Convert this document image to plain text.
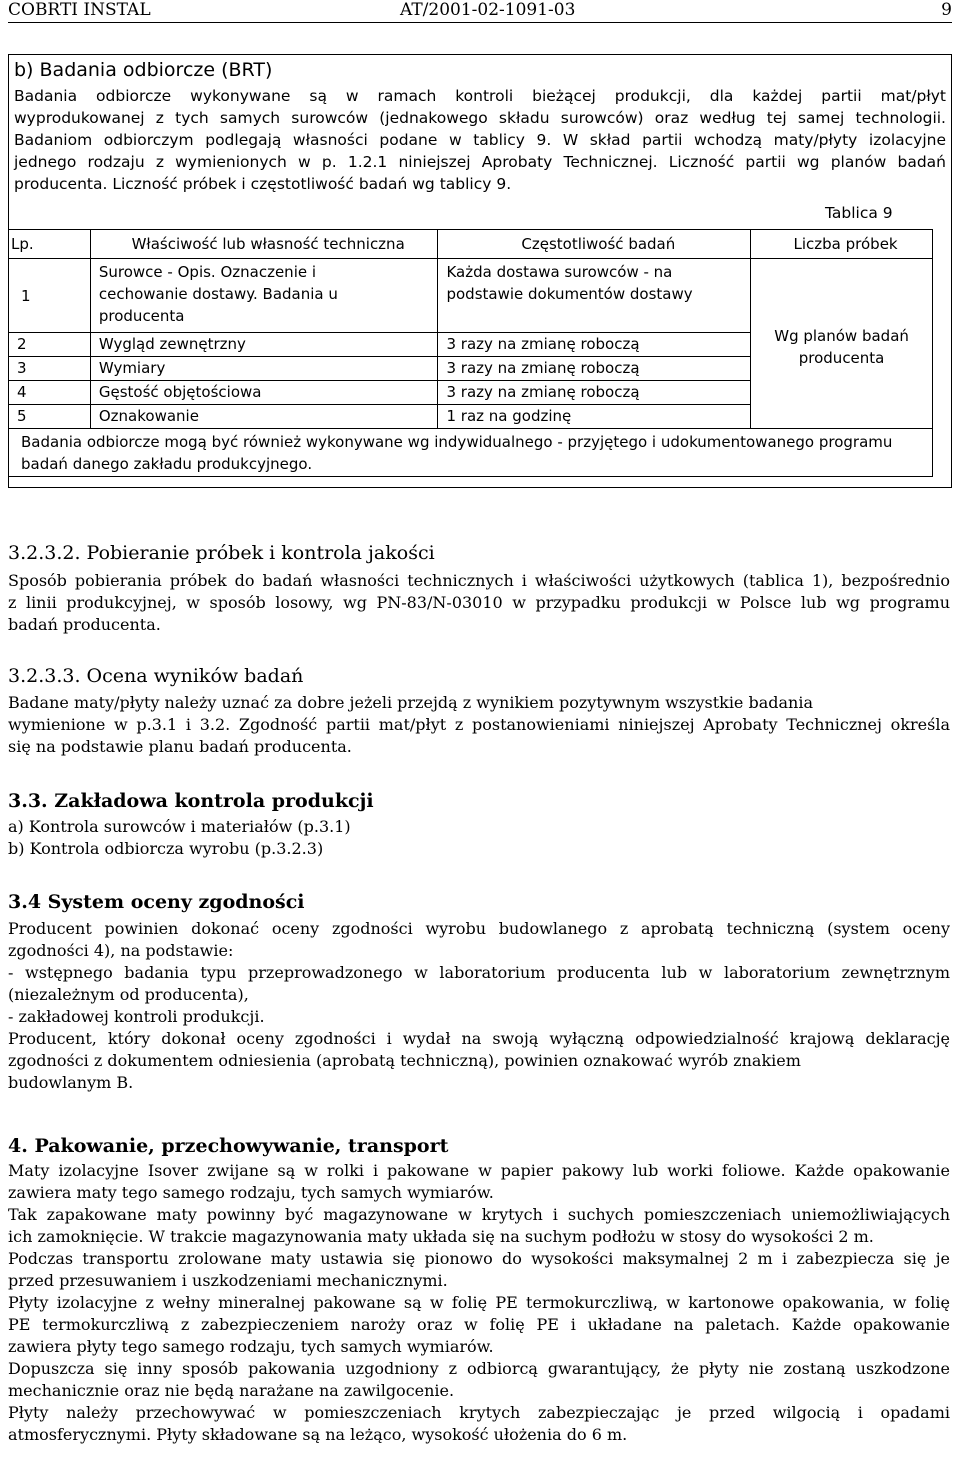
COBRTI INSTAL	AT/2001-02-1091-03	9
b) Badania odbiorcze (BRT)

Badania odbiorcze wykonywane są w ramach kontroli bieżącej produkcji, dla każdej partii mat/płyt

wyprodukowanej z tych samych surowców (jednakowego składu surowców) oraz według tej samej technologii.

Badaniom odbiorczym podlegają własności podane w tablicy 9. W skład partii wchodzą maty/płyty izolacyjne

jednego rodzaju z wymienionych w p. 1.2.1 niniejszej Aprobaty Technicznej. Liczność partii wg planów badań

producenta. Liczność próbek i częstotliwość badań wg tablicy 9.

Tablica 9
Lp.	Właściwość lub własność techniczna	Częstotliwość badań	Liczba próbek
1	Surowce - Opis. Oznaczenie i cechowanie dostawy. Badania u producenta	Każda dostawa surowców - na podstawie dokumentów dostawy	Wg planów badań producenta
2	Wygląd zewnętrzny	3 razy na zmianę roboczą	
3	Wymiary	3 razy na zmianę roboczą	
4	Gęstość objętościowa	3 razy na zmianę roboczą	
5	Oznakowanie	1 raz na godzinę	
Badania odbiorcze mogą być również wykonywane wg indywidualnego - przyjętego i udokumentowanego programu badań danego zakładu produkcyjnego.			
3.2.3.2. Pobieranie próbek i kontrola jakości

Sposób pobierania próbek do badań własności technicznych i właściwości użytkowych (tablica 1), bezpośrednio

z linii produkcyjnej, w sposób losowy, wg PN-83/N-03010 w przypadku produkcji w Polsce lub wg programu

badań producenta.

3.2.3.3. Ocena wyników badań

Badane maty/płyty należy uznać za dobre jeżeli przejdą z wynikiem pozytywnym wszystkie badania

wymienione w p.3.1 i 3.2. Zgodność partii mat/płyt z postanowieniami niniejszej Aprobaty Technicznej określa

się na podstawie planu badań producenta.

3.3. Zakładowa kontrola produkcji

a) Kontrola surowców i materiałów (p.3.1)

b) Kontrola odbiorcza wyrobu (p.3.2.3)

3.4 System oceny zgodności

Producent powinien dokonać oceny zgodności wyrobu budowlanego z aprobatą techniczną (system oceny

zgodności 4), na podstawie:

- wstępnego badania typu przeprowadzonego w laboratorium producenta lub w laboratorium zewnętrznym

(niezależnym od producenta),

- zakładowej kontroli produkcji.

Producent, który dokonał oceny zgodności i wydał na swoją wyłączną odpowiedzialność krajową deklarację

zgodności z dokumentem odniesienia (aprobatą techniczną), powinien oznakować wyrób znakiem

budowlanym B.

4. Pakowanie, przechowywanie, transport

Maty izolacyjne Isover zwijane są w rolki i pakowane w papier pakowy lub worki foliowe. Każde opakowanie

zawiera maty tego samego rodzaju, tych samych wymiarów.

Tak zapakowane maty powinny być magazynowane w krytych i suchych pomieszczeniach uniemożliwiających

ich zamoknięcie. W trakcie magazynowania maty układa się na suchym podłożu w stosy do wysokości 2 m.

Podczas transportu zrolowane maty ustawia się pionowo do wysokości maksymalnej 2 m i zabezpiecza się je

przed przesuwaniem i uszkodzeniami mechanicznymi.

Płyty izolacyjne z wełny mineralnej pakowane są w folię PE termokurczliwą, w kartonowe opakowania, w folię

PE termokurczliwą z zabezpieczeniem naroży oraz w folię PE i układane na paletach. Każde opakowanie

zawiera płyty tego samego rodzaju, tych samych wymiarów.

Dopuszcza się inny sposób pakowania uzgodniony z odbiorcą gwarantujący, że płyty nie zostaną uszkodzone

mechanicznie oraz nie będą narażane na zawilgocenie.

Płyty należy przechowywać w pomieszczeniach krytych zabezpieczając je przed wilgocią i opadami

atmosferycznymi. Płyty składowane są na leżąco, wysokość ułożenia do 6 m.
